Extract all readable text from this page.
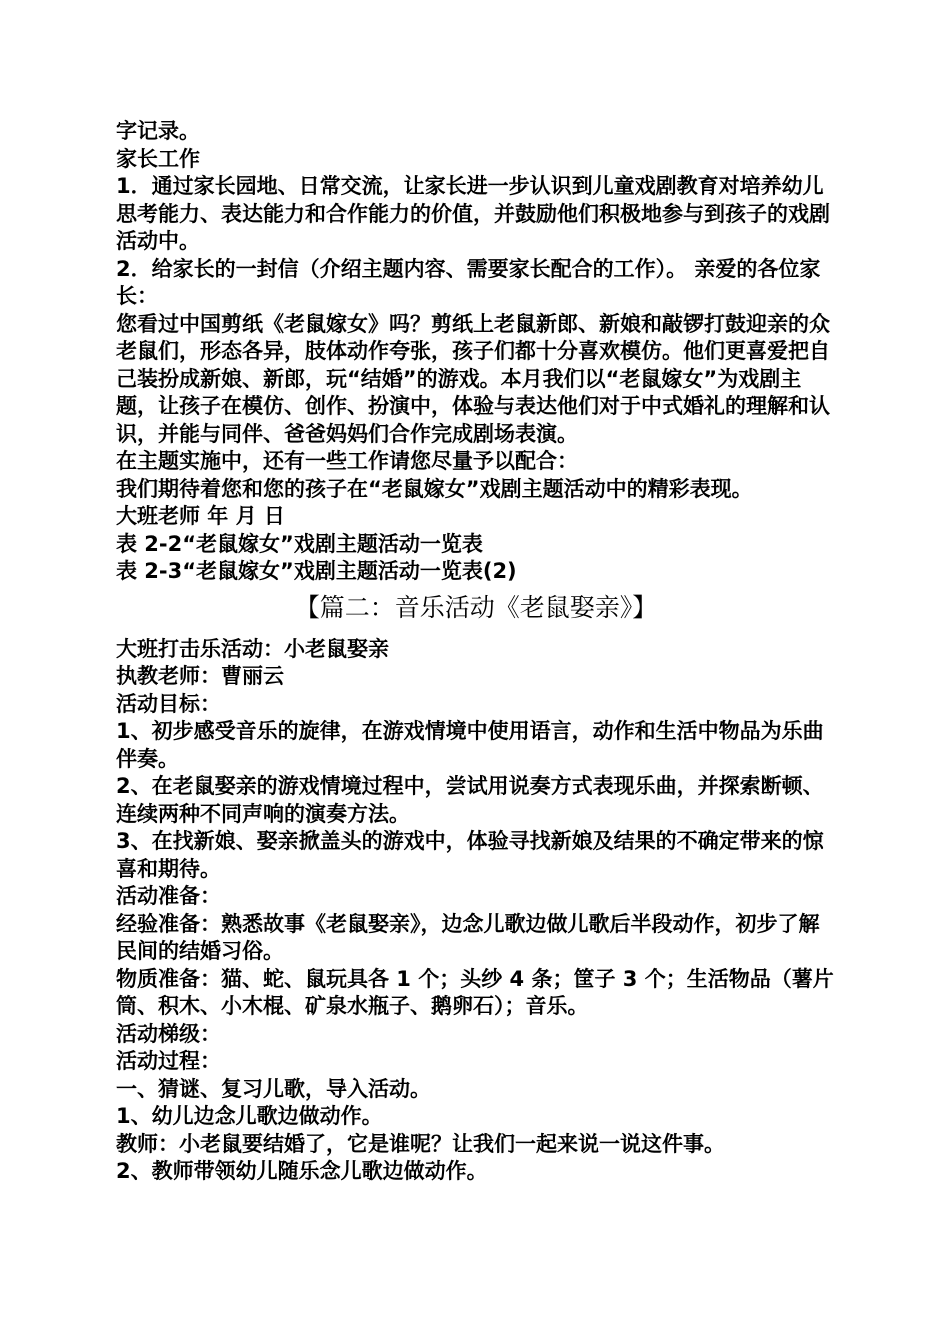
字记录。
家长工作
1．通过家长园地、日常交流，让家长进一步认识到儿童戏剧教育对培养幼儿思考能力、表达能力和合作能力的价值，并鼓励他们积极地参与到孩子的戏剧活动中。
2．给家长的一封信（介绍主题内容、需要家长配合的工作）。 亲爱的各位家长：
您看过中国剪纸《老鼠嫁女》吗？剪纸上老鼠新郎、新娘和敲锣打鼓迎亲的众老鼠们，形态各异，肢体动作夸张，孩子们都十分喜欢模仿。他们更喜爱把自己装扮成新娘、新郎，玩“结婚”的游戏。本月我们以“老鼠嫁女”为戏剧主题，让孩子在模仿、创作、扮演中，体验与表达他们对于中式婚礼的理解和认识，并能与同伴、爸爸妈妈们合作完成剧场表演。
在主题实施中，还有一些工作请您尽量予以配合：
我们期待着您和您的孩子在“老鼠嫁女”戏剧主题活动中的精彩表现。
大班老师 年 月 日
表 2-2“老鼠嫁女”戏剧主题活动一览表
表 2-3“老鼠嫁女”戏剧主题活动一览表(2)
【篇二：音乐活动《老鼠娶亲》】
大班打击乐活动：小老鼠娶亲
执教老师：曹丽云
活动目标：
1、初步感受音乐的旋律，在游戏情境中使用语言，动作和生活中物品为乐曲伴奏。
2、在老鼠娶亲的游戏情境过程中，尝试用说奏方式表现乐曲，并探索断顿、连续两种不同声响的演奏方法。
3、在找新娘、娶亲掀盖头的游戏中，体验寻找新娘及结果的不确定带来的惊喜和期待。
活动准备：
经验准备：熟悉故事《老鼠娶亲》，边念儿歌边做儿歌后半段动作，初步了解民间的结婚习俗。
物质准备：猫、蛇、鼠玩具各 1 个；头纱 4 条；筐子 3 个；生活物品（薯片筒、积木、小木棍、矿泉水瓶子、鹅卵石）；音乐。
活动梯级：
活动过程：
一、猜谜、复习儿歌，导入活动。
1、幼儿边念儿歌边做动作。
教师：小老鼠要结婚了，它是谁呢？让我们一起来说一说这件事。
2、教师带领幼儿随乐念儿歌边做动作。
